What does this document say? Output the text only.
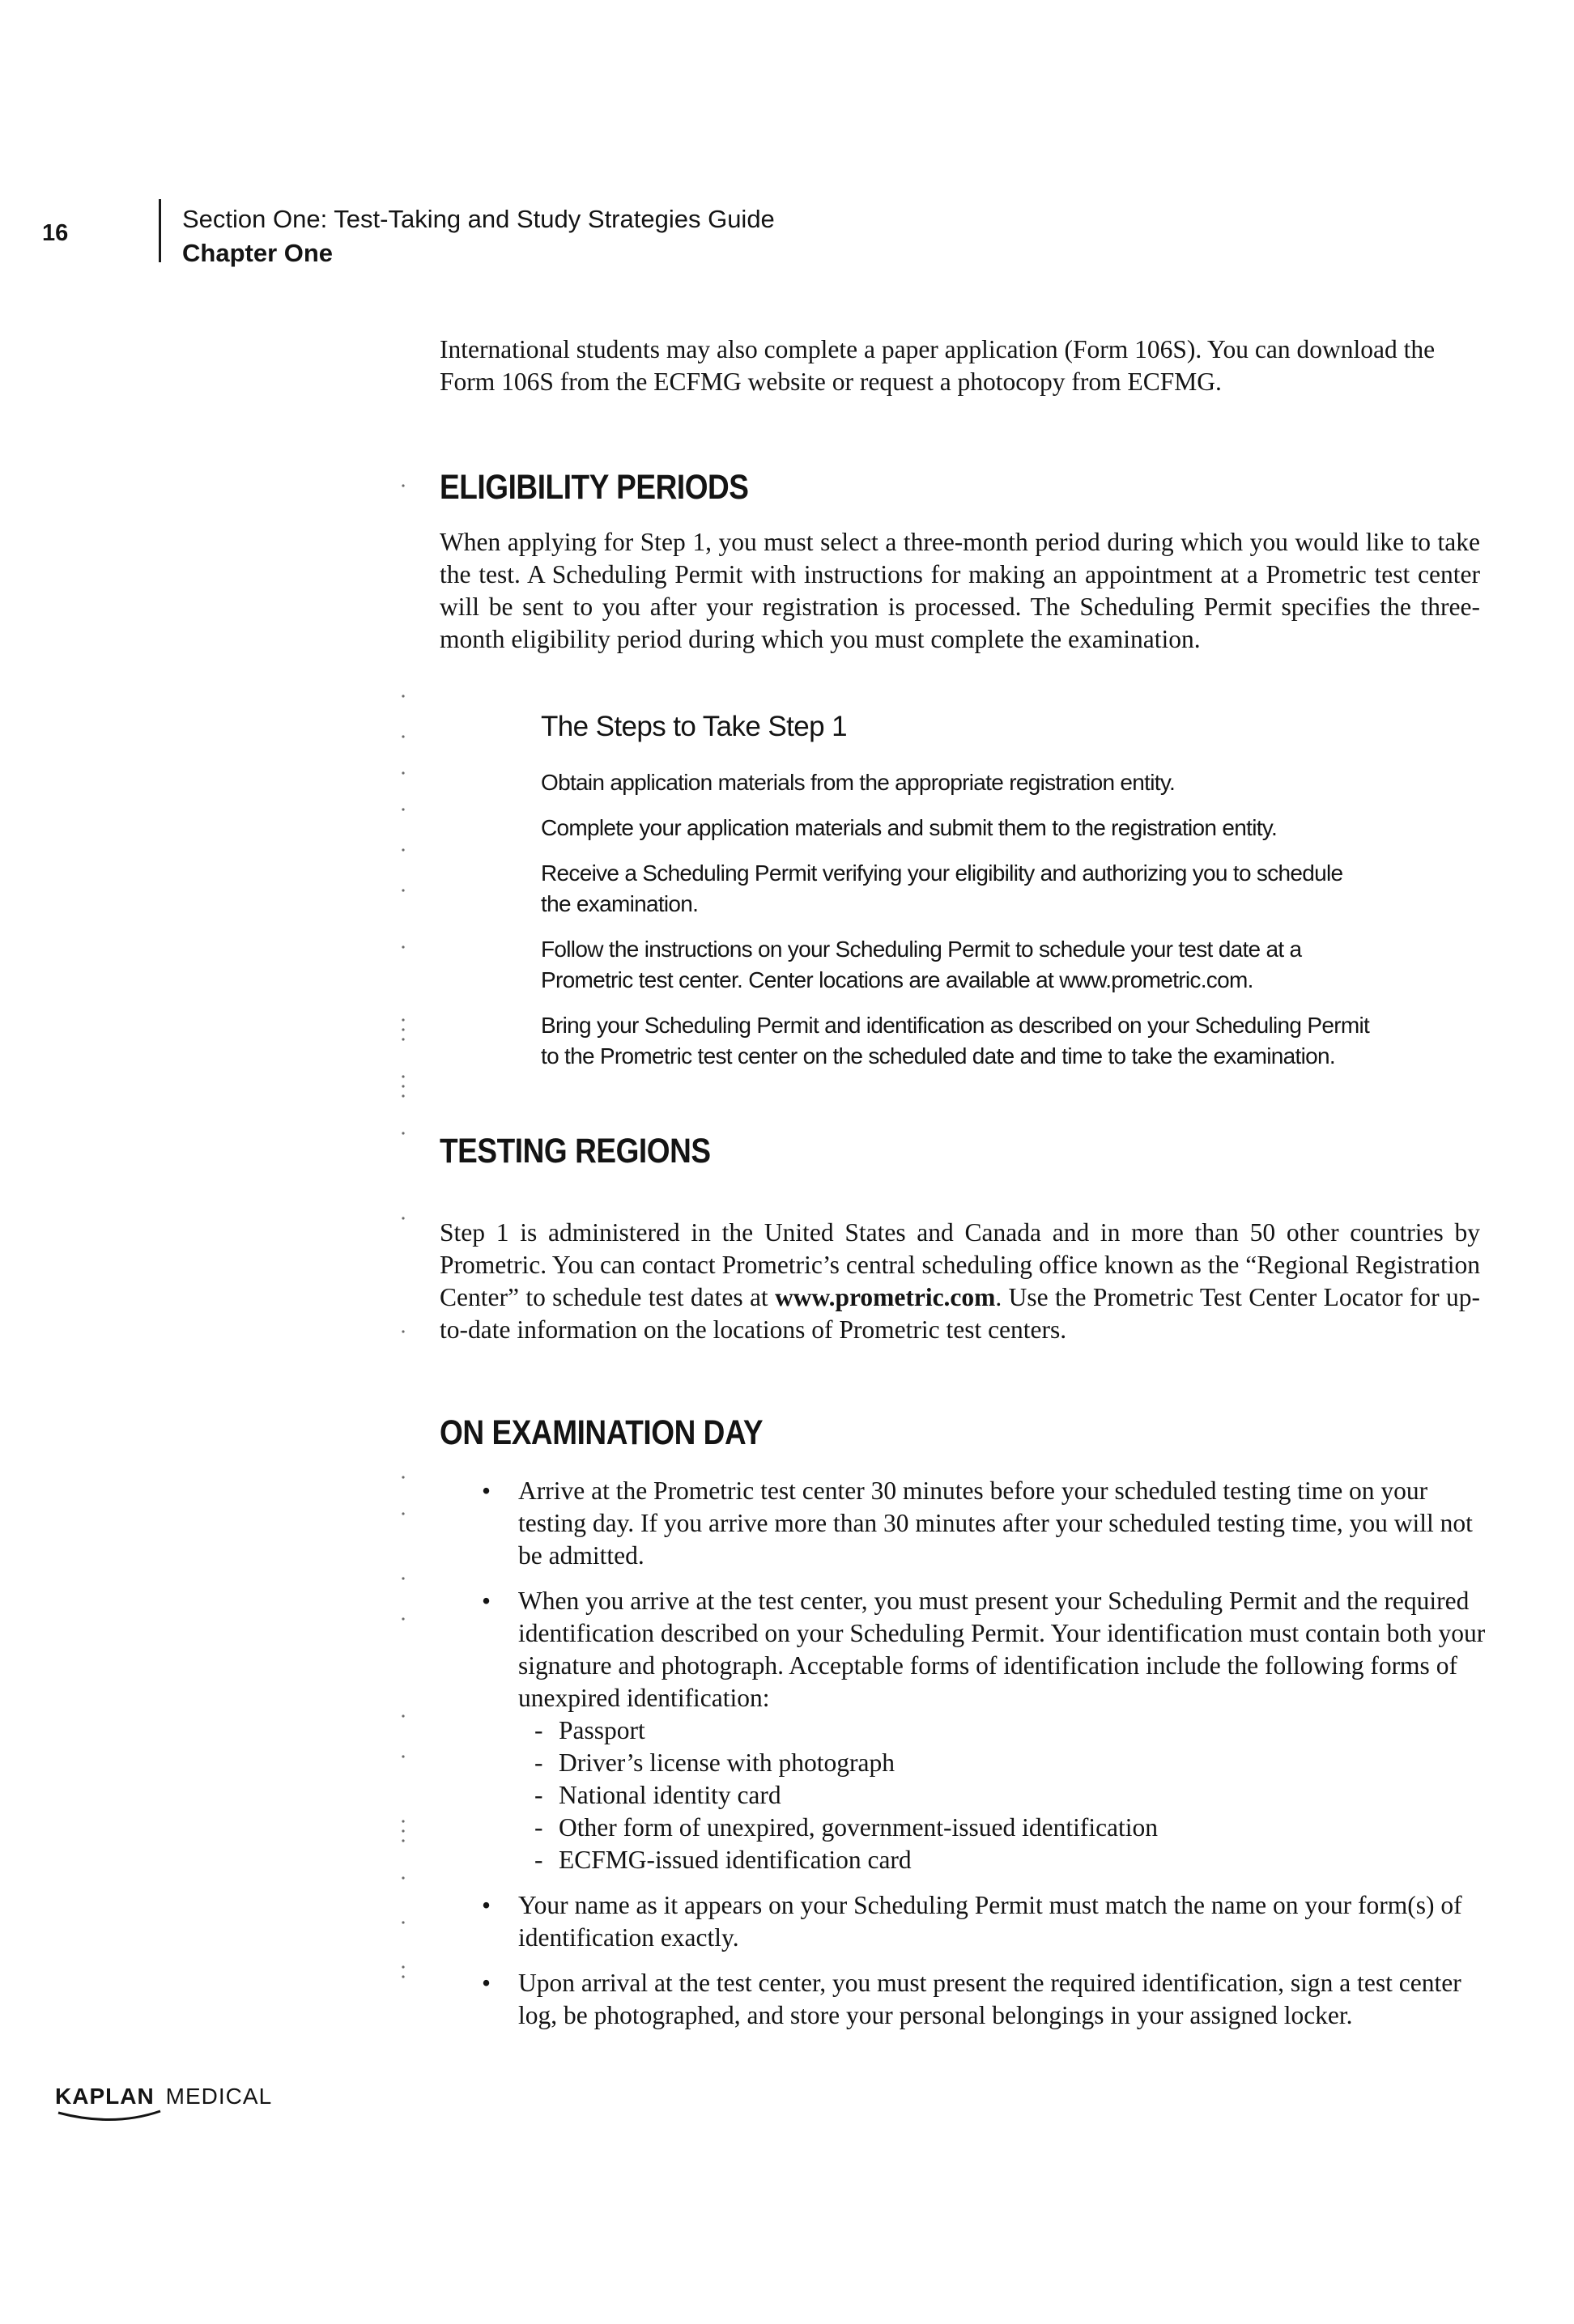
16	Section One: Test-Taking and Study Strategies Guide
Chapter One

International students may also complete a paper application (Form 106S). You can download the Form 106S from the ECFMG website or request a photocopy from ECFMG.

ELIGIBILITY PERIODS

When applying for Step 1, you must select a three-month period during which you would like to take the test. A Scheduling Permit with instructions for making an appointment at a Prometric test center will be sent to you after your registration is processed. The Scheduling Permit specifies the three-month eligibility period during which you must complete the examination.

The Steps to Take Step 1
Obtain application materials from the appropriate registration entity.
Complete your application materials and submit them to the registration entity.
Receive a Scheduling Permit verifying your eligibility and authorizing you to schedule the examination.
Follow the instructions on your Scheduling Permit to schedule your test date at a Prometric test center. Center locations are available at www.prometric.com.
Bring your Scheduling Permit and identification as described on your Scheduling Permit to the Prometric test center on the scheduled date and time to take the examination.
TESTING REGIONS

Step 1 is administered in the United States and Canada and in more than 50 other countries by Prometric. You can contact Prometric’s central scheduling office known as the “Regional Registration Center” to schedule test dates at www.prometric.com. Use the Prometric Test Center Locator for up-to-date information on the locations of Prometric test centers.

ON EXAMINATION DAY
• Arrive at the Prometric test center 30 minutes before your scheduled testing time on your testing day. If you arrive more than 30 minutes after your scheduled testing time, you will not be admitted.
• When you arrive at the test center, you must present your Scheduling Permit and the required identification described on your Scheduling Permit. Your identification must contain both your signature and photograph. Acceptable forms of identification include the following forms of unexpired identification:
- Passport
- Driver’s license with photograph
- National identity card
- Other form of unexpired, government-issued identification
- ECFMG-issued identification card
• Your name as it appears on your Scheduling Permit must match the name on your form(s) of identification exactly.
• Upon arrival at the test center, you must present the required identification, sign a test center log, be photographed, and store your personal belongings in your assigned locker.
KAPLAN MEDICAL
